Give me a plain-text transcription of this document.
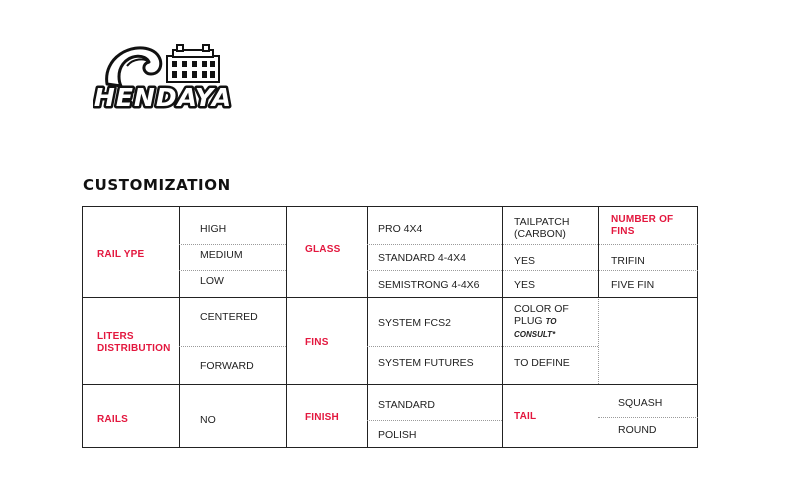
HENDAYA
CUSTOMIZATION
RAIL YPE
HIGH
MEDIUM
LOW
GLASS
PRO 4X4
STANDARD 4-4X4
SEMISTRONG 4-4X6
TAILPATCH (CARBON)
YES
YES
NUMBER OF FINS
TRIFIN
FIVE FIN
LITERS DISTRIBUTION
CENTERED
FORWARD
FINS
SYSTEM FCS2
SYSTEM FUTURES
COLOR OF PLUG TO CONSULT*
TO DEFINE
RAILS	NO	FINISH
STANDARD
POLISH
TAIL
SQUASH
ROUND
